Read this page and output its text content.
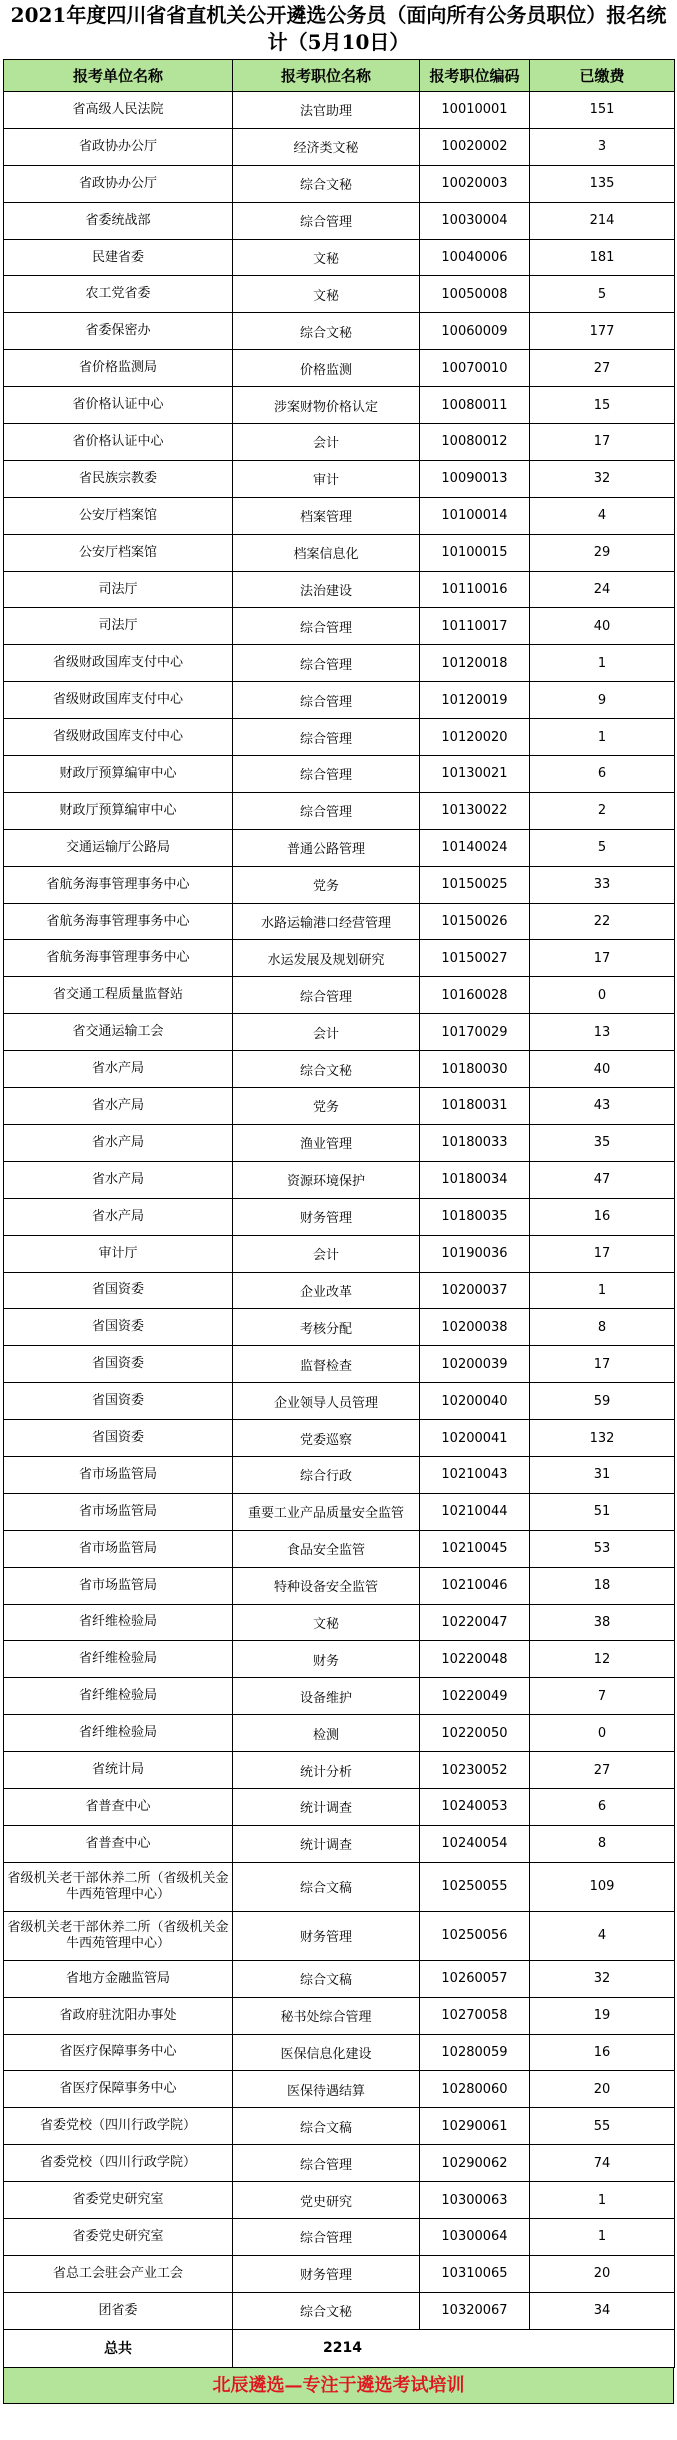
2021年度四川省省直机关公开遴选公务员（面向所有公务员职位）报名统计（5月10日）
报考单位名称	报考职位名称	报考职位编码	已缴费
省高级人民法院	法官助理	10010001	151
省政协办公厅	经济类文秘	10020002	3
省政协办公厅	综合文秘	10020003	135
省委统战部	综合管理	10030004	214
民建省委	文秘	10040006	181
农工党省委	文秘	10050008	5
省委保密办	综合文秘	10060009	177
省价格监测局	价格监测	10070010	27
省价格认证中心	涉案财物价格认定	10080011	15
省价格认证中心	会计	10080012	17
省民族宗教委	审计	10090013	32
公安厅档案馆	档案管理	10100014	4
公安厅档案馆	档案信息化	10100015	29
司法厅	法治建设	10110016	24
司法厅	综合管理	10110017	40
省级财政国库支付中心	综合管理	10120018	1
省级财政国库支付中心	综合管理	10120019	9
省级财政国库支付中心	综合管理	10120020	1
财政厅预算编审中心	综合管理	10130021	6
财政厅预算编审中心	综合管理	10130022	2
交通运输厅公路局	普通公路管理	10140024	5
省航务海事管理事务中心	党务	10150025	33
省航务海事管理事务中心	水路运输港口经营管理	10150026	22
省航务海事管理事务中心	水运发展及规划研究	10150027	17
省交通工程质量监督站	综合管理	10160028	0
省交通运输工会	会计	10170029	13
省水产局	综合文秘	10180030	40
省水产局	党务	10180031	43
省水产局	渔业管理	10180033	35
省水产局	资源环境保护	10180034	47
省水产局	财务管理	10180035	16
审计厅	会计	10190036	17
省国资委	企业改革	10200037	1
省国资委	考核分配	10200038	8
省国资委	监督检查	10200039	17
省国资委	企业领导人员管理	10200040	59
省国资委	党委巡察	10200041	132
省市场监管局	综合行政	10210043	31
省市场监管局	重要工业产品质量安全监管	10210044	51
省市场监管局	食品安全监管	10210045	53
省市场监管局	特种设备安全监管	10210046	18
省纤维检验局	文秘	10220047	38
省纤维检验局	财务	10220048	12
省纤维检验局	设备维护	10220049	7
省纤维检验局	检测	10220050	0
省统计局	统计分析	10230052	27
省普查中心	统计调查	10240053	6
省普查中心	统计调查	10240054	8
省级机关老干部休养二所（省级机关金牛西苑管理中心）	综合文稿	10250055	109
省级机关老干部休养二所（省级机关金牛西苑管理中心）	财务管理	10250056	4
省地方金融监管局	综合文稿	10260057	32
省政府驻沈阳办事处	秘书处综合管理	10270058	19
省医疗保障事务中心	医保信息化建设	10280059	16
省医疗保障事务中心	医保待遇结算	10280060	20
省委党校（四川行政学院）	综合文稿	10290061	55
省委党校（四川行政学院）	综合管理	10290062	74
省委党史研究室	党史研究	10300063	1
省委党史研究室	综合管理	10300064	1
省总工会驻会产业工会	财务管理	10310065	20
团省委	综合文秘	10320067	34
总共	2214		
北辰遴选—专注于遴选考试培训
